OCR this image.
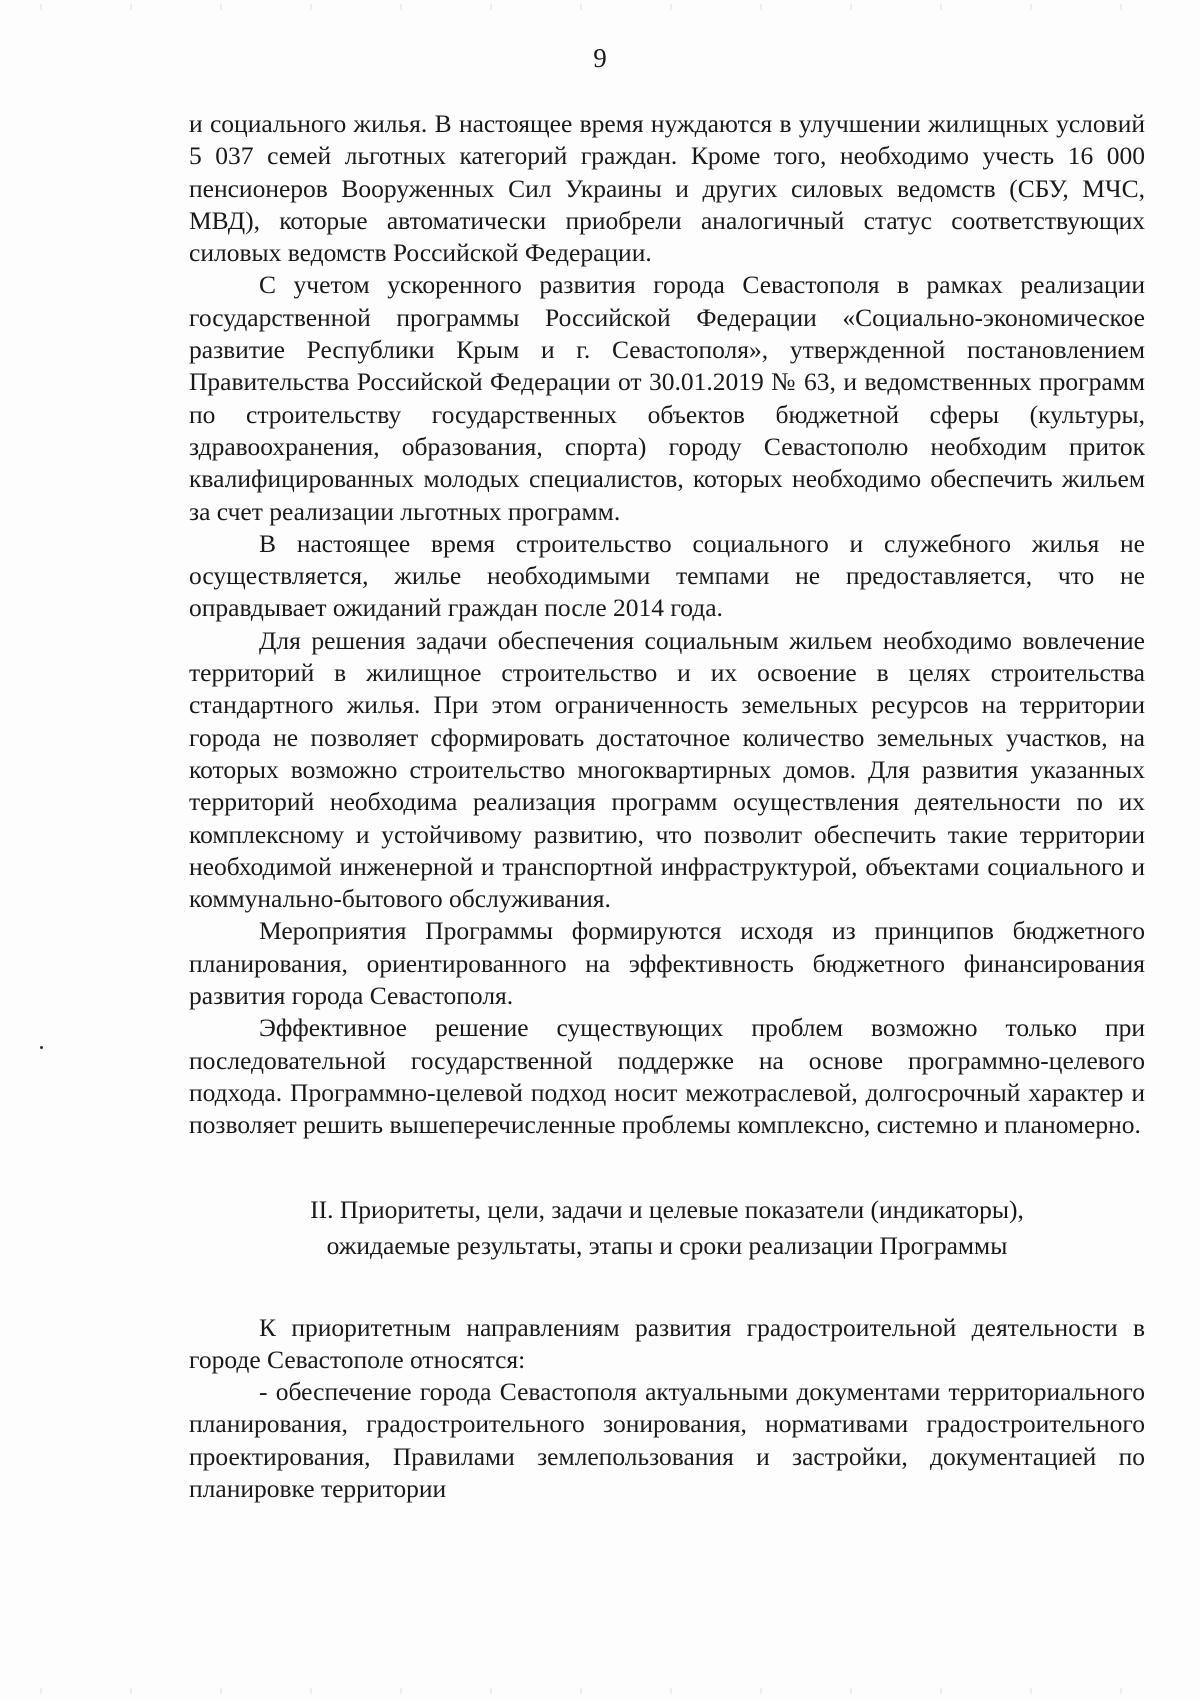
9

и социального жилья. В настоящее время нуждаются в улучшении жилищных условий 5 037 семей льготных категорий граждан. Кроме того, необходимо учесть 16 000 пенсионеров Вооруженных Сил Украины и других силовых ведомств (СБУ, МЧС, МВД), которые автоматически приобрели аналогичный статус соответствующих силовых ведомств Российской Федерации.

С учетом ускоренного развития города Севастополя в рамках реализации государственной программы Российской Федерации «Социально-экономическое развитие Республики Крым и г. Севастополя», утвержденной постановлением Правительства Российской Федерации от 30.01.2019 № 63, и ведомственных программ по строительству государственных объектов бюджетной сферы (культуры, здравоохранения, образования, спорта) городу Севастополю необходим приток квалифицированных молодых специалистов, которых необходимо обеспечить жильем за счет реализации льготных программ.

В настоящее время строительство социального и служебного жилья не осуществляется, жилье необходимыми темпами не предоставляется, что не оправдывает ожиданий граждан после 2014 года.

Для решения задачи обеспечения социальным жильем необходимо вовлечение территорий в жилищное строительство и их освоение в целях строительства стандартного жилья. При этом ограниченность земельных ресурсов на территории города не позволяет сформировать достаточное количество земельных участков, на которых возможно строительство многоквартирных домов. Для развития указанных территорий необходима реализация программ осуществления деятельности по их комплексному и устойчивому развитию, что позволит обеспечить такие территории необходимой инженерной и транспортной инфраструктурой, объектами социального и коммунально-бытового обслуживания.

Мероприятия Программы формируются исходя из принципов бюджетного планирования, ориентированного на эффективность бюджетного финансирования развития города Севастополя.

Эффективное решение существующих проблем возможно только при последовательной государственной поддержке на основе программно-целевого подхода. Программно-целевой подход носит межотраслевой, долгосрочный характер и позволяет решить вышеперечисленные проблемы комплексно, системно и планомерно.

II. Приоритеты, цели, задачи и целевые показатели (индикаторы),
ожидаемые результаты, этапы и сроки реализации Программы

К приоритетным направлениям развития градостроительной деятельности в городе Севастополе относятся:

- обеспечение города Севастополя актуальными документами территориального планирования, градостроительного зонирования, нормативами градостроительного проектирования, Правилами землепользования и застройки, документацией по планировке территории
